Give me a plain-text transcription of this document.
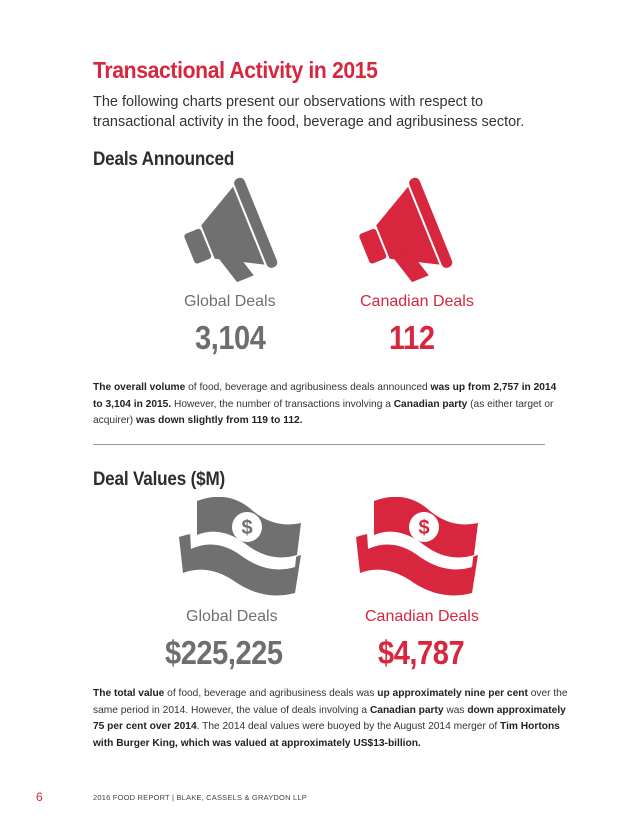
Transactional Activity in 2015
The following charts present our observations with respect to
transactional activity in the food, beverage and agribusiness sector.
Deals Announced
Global Deals	Canadian Deals
3,104	112
The overall volume of food, beverage and agribusiness deals announced was up from 2,757 in 2014
to 3,104 in 2015. However, the number of transactions involving a Canadian party (as either target or
acquirer) was down slightly from 119 to 112.
Deal Values ($M)
$	$
Global Deals	Canadian Deals
$225,225	$4,787
The total value of food, beverage and agribusiness deals was up approximately nine per cent over the
same period in 2014. However, the value of deals involving a Canadian party was down approximately
75 per cent over 2014. The 2014 deal values were buoyed by the August 2014 merger of Tim Hortons
with Burger King, which was valued at approximately US$13-billion.
6	2016 FOOD REPORT | BLAKE, CASSELS & GRAYDON LLP
